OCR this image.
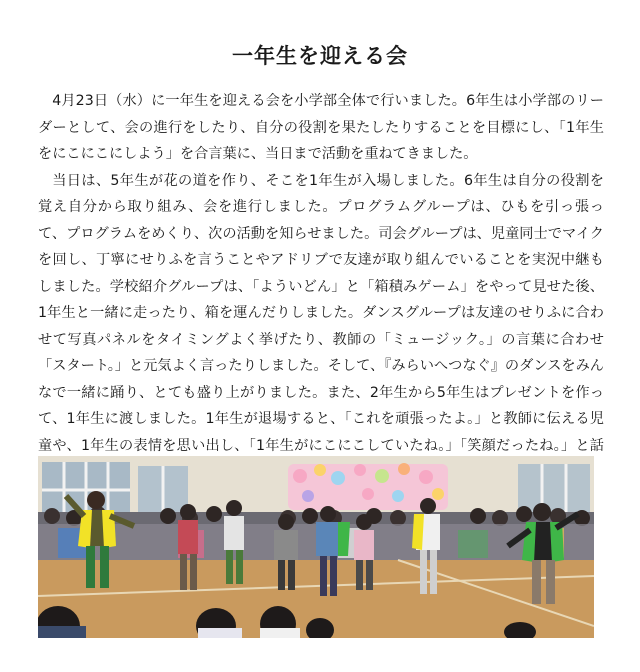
一年生を迎える会

4月23日（水）に一年生を迎える会を小学部全体で行いました。6年生は小学部のリーダーとして、会の進行をしたり、自分の役割を果たしたりすることを目標にし、「1年生をにこにこにしよう」を合言葉に、当日まで活動を重ねてきました。

当日は、5年生が花の道を作り、そこを1年生が入場しました。6年生は自分の役割を覚え自分から取り組み、会を進行しました。プログラムグループは、ひもを引っ張って、プログラムをめくり、次の活動を知らせました。司会グループは、児童同士でマイクを回し、丁寧にせりふを言うことやアドリブで友達が取り組んでいることを実況中継もしました。学校紹介グループは、「よういどん」と「箱積みゲーム」をやって見せた後、1年生と一緒に走ったり、箱を運んだりしました。ダンスグループは友達のせりふに合わせて写真パネルをタイミングよく挙げたり、教師の「ミュージック。」の言葉に合わせ「スタート。」と元気よく言ったりしました。そして、『みらいへつなぐ』のダンスをみんなで一緒に踊り、とても盛り上がりました。また、2年生から5年生はプレゼントを作って、1年生に渡しました。1年生が退場すると、「これを頑張ったよ。」と教師に伝える児童や、1年生の表情を思い出し、「1年生がにこにこしていたね。」「笑顔だったね。」と話
